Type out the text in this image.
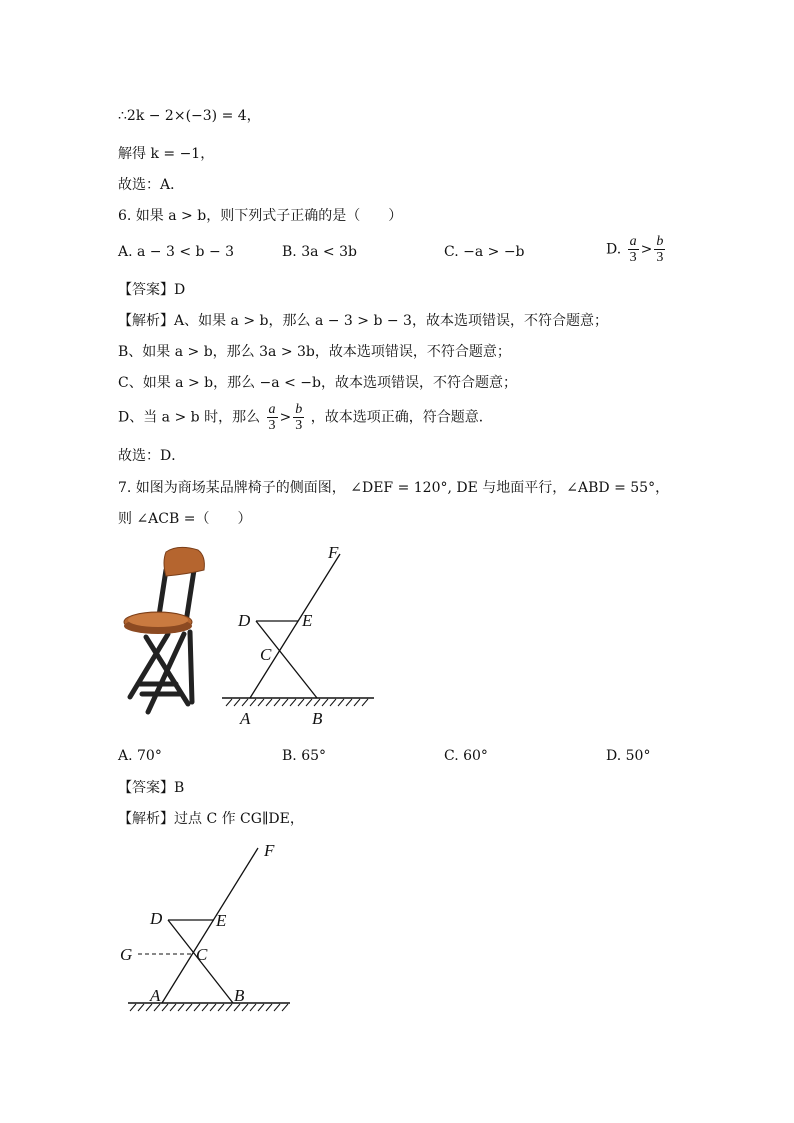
∴2k − 2×(−3) = 4，
解得 k = −1，
故选：A．
6. 如果 a > b，则下列式子正确的是（　　）
A. a − 3 < b − 3	B. 3a < 3b	C. −a > −b	D. $\frac{a}{3} > \frac{b}{3}$
【答案】D
【解析】A、如果 a > b，那么 a − 3 > b − 3，故本选项错误，不符合题意；
B、如果 a > b，那么 3a > 3b，故本选项错误，不符合题意；
C、如果 a > b，那么 −a < −b，故本选项错误，不符合题意；
D、当 a > b 时，那么 $\frac{a}{3} > \frac{b}{3}$ ，故本选项正确，符合题意．
故选：D．
7. 如图为商场某品牌椅子的侧面图， ∠DEF = 120°, DE 与地面平行，∠ABD = 55°，
则 ∠ACB =（　　）
F
D	E
C
A	B
A. 70°	B. 65°	C. 60°	D. 50°
【答案】B
【解析】过点 C 作 CG∥DE，
F
D	E
G	C
A	B
